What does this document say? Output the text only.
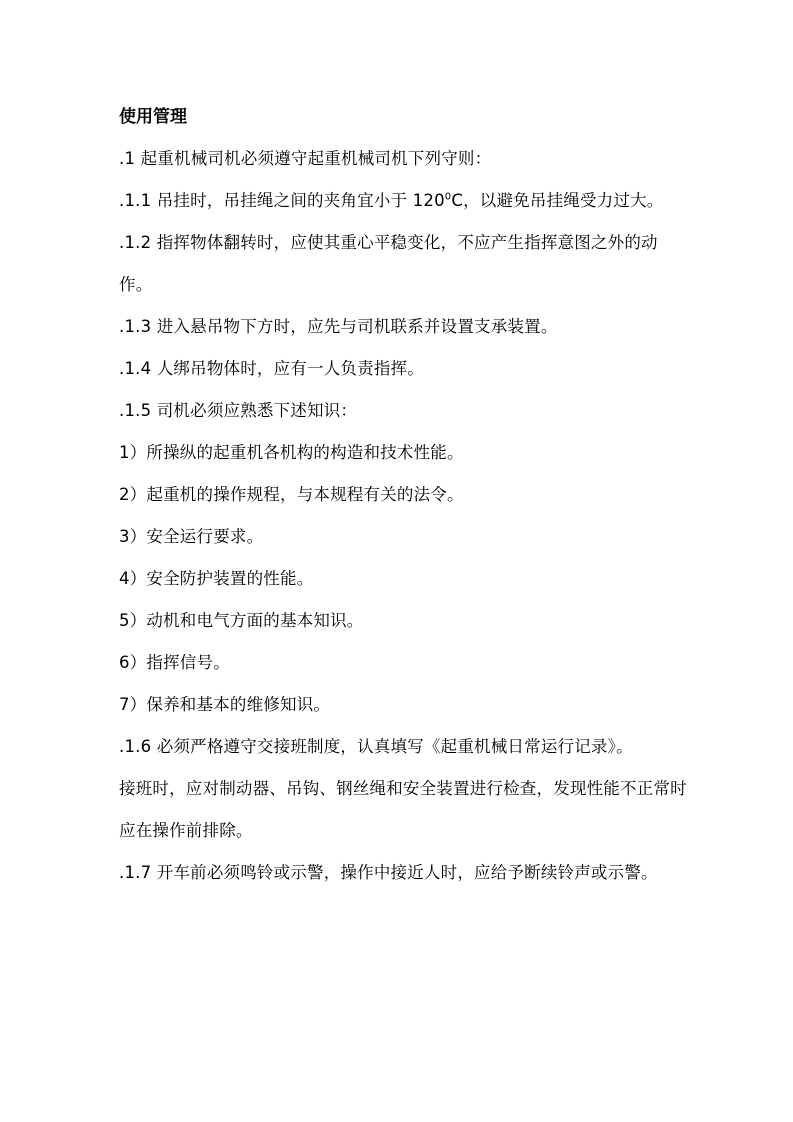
使用管理

.1 起重机械司机必须遵守起重机械司机下列守则：

.1.1 吊挂时，吊挂绳之间的夹角宜小于 $120^0C$，以避免吊挂绳受力过大。

.1.2 指挥物体翻转时，应使其重心平稳变化，不应产生指挥意图之外的动作。

.1.3 进入悬吊物下方时，应先与司机联系并设置支承装置。

.1.4 人绑吊物体时，应有一人负责指挥。

.1.5 司机必须应熟悉下述知识：

1）所操纵的起重机各机构的构造和技术性能。

2）起重机的操作规程，与本规程有关的法令。

3）安全运行要求。

4）安全防护装置的性能。

5）动机和电气方面的基本知识。

6）指挥信号。

7）保养和基本的维修知识。

.1.6 必须严格遵守交接班制度，认真填写《起重机械日常运行记录》。

接班时，应对制动器、吊钩、钢丝绳和安全装置进行检查，发现性能不正常时应在操作前排除。

.1.7 开车前必须鸣铃或示警，操作中接近人时，应给予断续铃声或示警。
